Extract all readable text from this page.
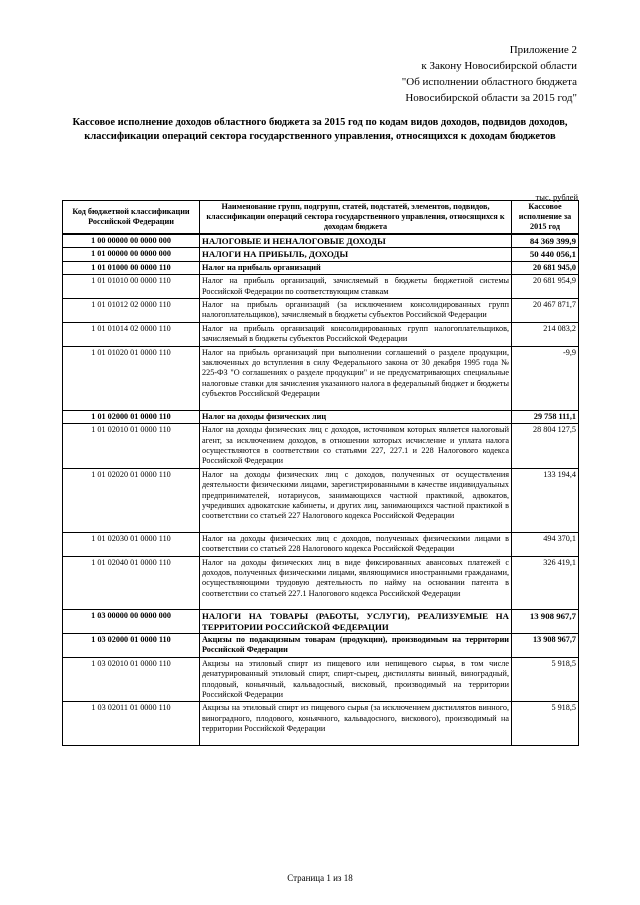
Приложение 2
к Закону Новосибирской области
"Об исполнении областного бюджета
Новосибирской области за 2015 год"
Кассовое исполнение доходов областного бюджета за 2015 год по кодам видов доходов, подвидов доходов, классификации операций сектора государственного управления, относящихся к доходам бюджетов
тыс. рублей
Код бюджетной классификации Российской Федерации	Наименование групп, подгрупп, статей, подстатей, элементов, подвидов, классификации операций сектора государственного управления, относящихся к доходам бюджета	Кассовое исполнение за 2015 год
1 00 00000 00 0000 000	НАЛОГОВЫЕ И НЕНАЛОГОВЫЕ ДОХОДЫ	84 369 399,9
1 01 00000 00 0000 000	НАЛОГИ НА ПРИБЫЛЬ, ДОХОДЫ	50 440 056,1
1 01 01000 00 0000 110	Налог на прибыль организаций	20 681 945,0
1 01 01010 00 0000 110	Налог на прибыль организаций, зачисляемый в бюджеты бюджетной системы Российской Федерации по соответствующим ставкам	20 681 954,9
1 01 01012 02 0000 110	Налог на прибыль организаций (за исключением консолидированных групп налогоплательщиков), зачисляемый в бюджеты субъектов Российской Федерации	20 467 871,7
1 01 01014 02 0000 110	Налог на прибыль организаций консолидированных групп налогоплательщиков, зачисляемый в бюджеты субъектов Российской Федерации	214 083,2
1 01 01020 01 0000 110	Налог на прибыль организаций при выполнении соглашений о разделе продукции, заключенных до вступления в силу Федерального закона от 30 декабря 1995 года № 225-ФЗ "О соглашениях о разделе продукции" и не предусматривающих специальные налоговые ставки для зачисления указанного налога в федеральный бюджет и бюджеты субъектов Российской Федерации	-9,9
1 01 02000 01 0000 110	Налог на доходы физических лиц	29 758 111,1
1 01 02010 01 0000 110	Налог на доходы физических лиц с доходов, источником которых является налоговый агент, за исключением доходов, в отношении которых исчисление и уплата налога осуществляются в соответствии со статьями 227, 227.1 и 228 Налогового кодекса Российской Федерации	28 804 127,5
1 01 02020 01 0000 110	Налог на доходы физических лиц с доходов, полученных от осуществления деятельности физическими лицами, зарегистрированными в качестве индивидуальных предпринимателей, нотариусов, занимающихся частной практикой, адвокатов, учредивших адвокатские кабинеты, и других лиц, занимающихся частной практикой в соответствии со статьей 227 Налогового кодекса Российской Федерации	133 194,4
1 01 02030 01 0000 110	Налог на доходы физических лиц с доходов, полученных физическими лицами в соответствии со статьей 228 Налогового кодекса Российской Федерации	494 370,1
1 01 02040 01 0000 110	Налог на доходы физических лиц в виде фиксированных авансовых платежей с доходов, полученных физическими лицами, являющимися иностранными гражданами, осуществляющими трудовую деятельность по найму на основании патента в соответствии со статьей 227.1 Налогового кодекса Российской Федерации	326 419,1
1 03 00000 00 0000 000	НАЛОГИ НА ТОВАРЫ (РАБОТЫ, УСЛУГИ), РЕАЛИЗУЕМЫЕ НА ТЕРРИТОРИИ РОССИЙСКОЙ ФЕДЕРАЦИИ	13 908 967,7
1 03 02000 01 0000 110	Акцизы по подакцизным товарам (продукции), производимым на территории Российской Федерации	13 908 967,7
1 03 02010 01 0000 110	Акцизы на этиловый спирт из пищевого или непищевого сырья, в том числе денатурированный этиловый спирт, спирт-сырец, дистилляты винный, виноградный, плодовый, коньячный, кальвадосный, висковый, производимый на территории Российской Федерации	5 918,5
1 03 02011 01 0000 110	Акцизы на этиловый спирт из пищевого сырья (за исключением дистиллятов винного, виноградного, плодового, коньячного, кальвадосного, вискового), производимый на территории Российской Федерации	5 918,5
Страница 1 из 18
